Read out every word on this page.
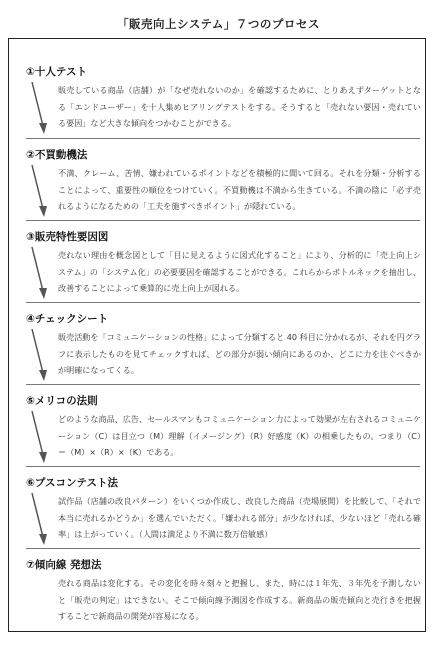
「販売向上システム」７つのプロセス
①十人テスト
販売している商品（店舗）が「なぜ売れないのか」を確認するために、とりあえずターゲットとなる「エンドユーザー」を十人集めヒアリングテストをする。そうすると「売れない要因・売れている要因」など大きな傾向をつかむことができる。
②不買動機法
不満、クレーム、苦情、嫌われているポイントなどを積極的に聞いて回る。それを分類・分析することによって、重要性の順位をつけていく。不買動機は不満から生きている。不満の陰に「必ず売れるようになるための「工夫を施すべきポイント」が隠れている。
③販売特性要因図
売れない理由を概念図として「目に見えるように図式化すること」により、分析的に「売上向上システム」の「システム化」の必要要因を確認することができる。これらからボトルネックを抽出し、改善することによって乗算的に売上向上が図れる。
④チェックシート
販売活動を「コミュニケーションの性格」によって分類すると 40 科目に分かれるが、それを円グラフに表示したものを見てチェックすれば、どの部分が弱い傾向にあるのか、どこに力を注ぐべきかが明確になってくる。
⑤メリコの法則
どのような商品、広告、セールスマンもコミュニケーション力によって効果が左右されるコミュニケーション（C）は目立つ（M）理解（イメージング）（R）好感度（K）の相乗したもの。つまり（C）＝（M）×（R）×（K）である。
⑥プスコンテスト法
試作品（店舗の改良パターン）をいくつか作成し、改良した商品（売場展開）を比較して、「それで本当に売れるかどうか」を選んでいただく。「嫌われる部分」が少なければ、少ないほど「売れる確率」は上がっていく。（人間は満足より不満に数万倍敏感）
⑦傾向線 発想法
売れる商品は変化する。その変化を時々刻々と把握し、また、時には１年先、３年先を予測しないと「販売の判定」はできない。そこで傾向線予測図を作成する。新商品の販売傾向と売行きを把握することで新商品の開発が容易になる。
